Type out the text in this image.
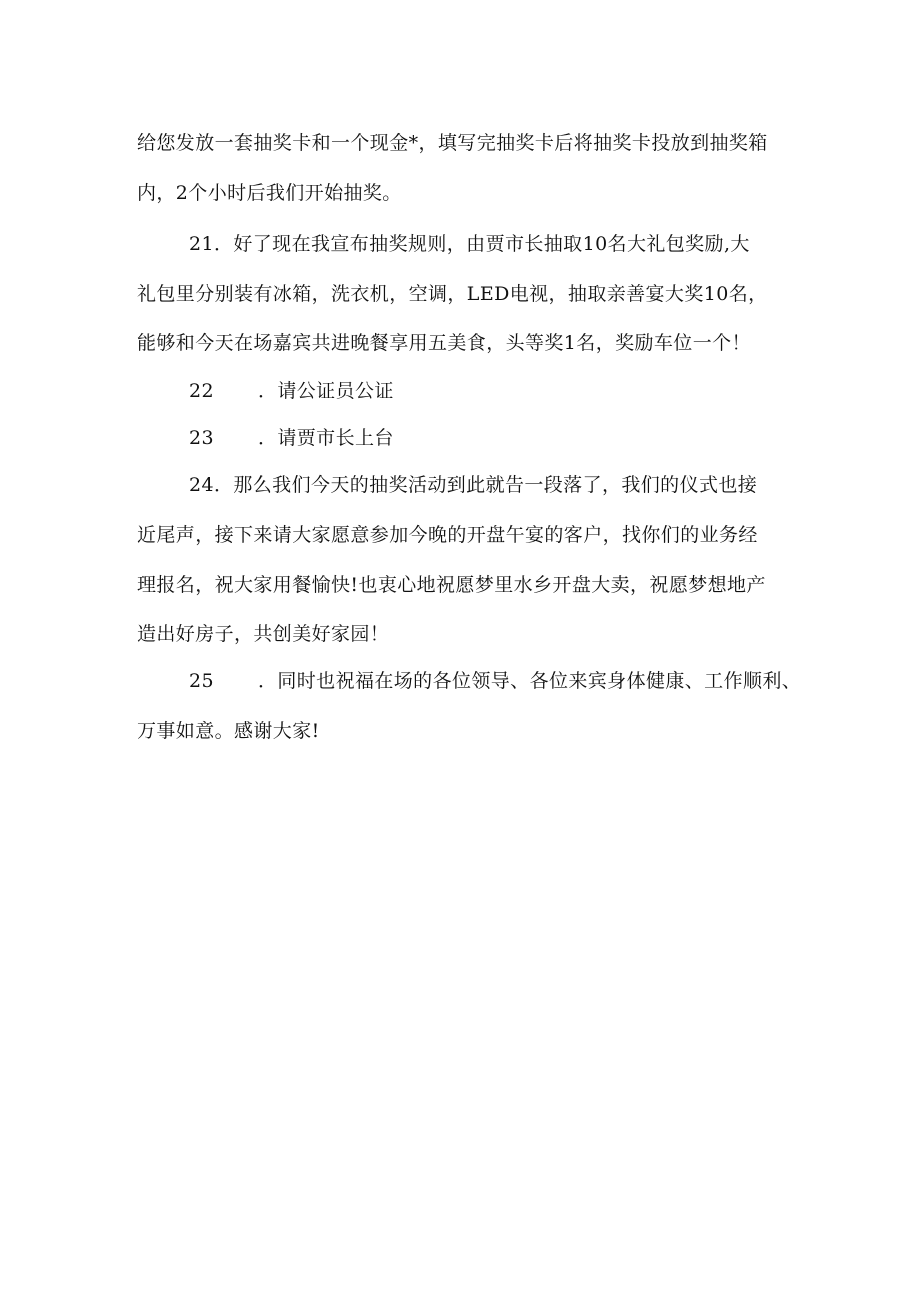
给您发放一套抽奖卡和一个现金*，填写完抽奖卡后将抽奖卡投放到抽奖箱
内，2个小时后我们开始抽奖。
21．好了现在我宣布抽奖规则，由贾市长抽取10名大礼包奖励,大
礼包里分别装有冰箱，洗衣机，空调，LED电视，抽取亲善宴大奖10名，
能够和今天在场嘉宾共进晚餐享用五美食，头等奖1名，奖励车位一个！
22 ．请公证员公证
23 ．请贾市长上台
24．那么我们今天的抽奖活动到此就告一段落了，我们的仪式也接
近尾声，接下来请大家愿意参加今晚的开盘午宴的客户，找你们的业务经
理报名，祝大家用餐愉快!也衷心地祝愿梦里水乡开盘大卖，祝愿梦想地产
造出好房子，共创美好家园！
25 ．同时也祝福在场的各位领导、各位来宾身体健康、工作顺利、
万事如意。感谢大家!
